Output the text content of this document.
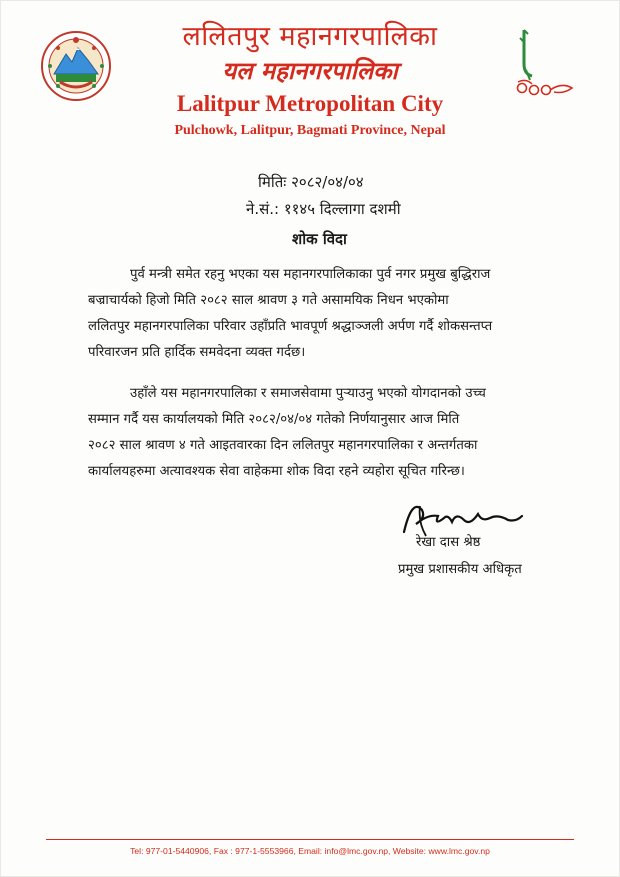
ललितपुर महानगरपालिका
यल महानगरपालिका
Lalitpur Metropolitan City
Pulchowk, Lalitpur, Bagmati Province, Nepal
मितिः २०८२/०४/०४
ने.सं.: ११४५ दिल्लागा दशमी
शोक विदा
पुर्व मन्त्री समेत रहनु भएका यस महानगरपालिकाका पुर्व नगर प्रमुख बुद्धिराज
बज्राचार्यको हिजो मिति २०८२ साल श्रावण ३ गते असामयिक निधन भएकोमा
ललितपुर महानगरपालिका परिवार उहाँप्रति भावपूर्ण श्रद्धाञ्जली अर्पण गर्दै शोकसन्तप्त
परिवारजन प्रति हार्दिक समवेदना व्यक्त गर्दछ।
उहाँले यस महानगरपालिका र समाजसेवामा पुऱ्याउनु भएको योगदानको उच्च
सम्मान गर्दै यस कार्यालयको मिति २०८२/०४/०४ गतेको निर्णयानुसार आज मिति
२०८२ साल श्रावण ४ गते आइतवारका दिन ललितपुर महानगरपालिका र अन्तर्गतका
कार्यालयहरुमा अत्यावश्यक सेवा वाहेकमा शोक विदा रहने व्यहोरा सूचित गरिन्छ।
रेखा दास श्रेष्ठ
प्रमुख प्रशासकीय अधिकृत
Tel: 977-01-5440906, Fax : 977-1-5553966, Email: info@lmc.gov.np, Website: www.lmc.gov.np
